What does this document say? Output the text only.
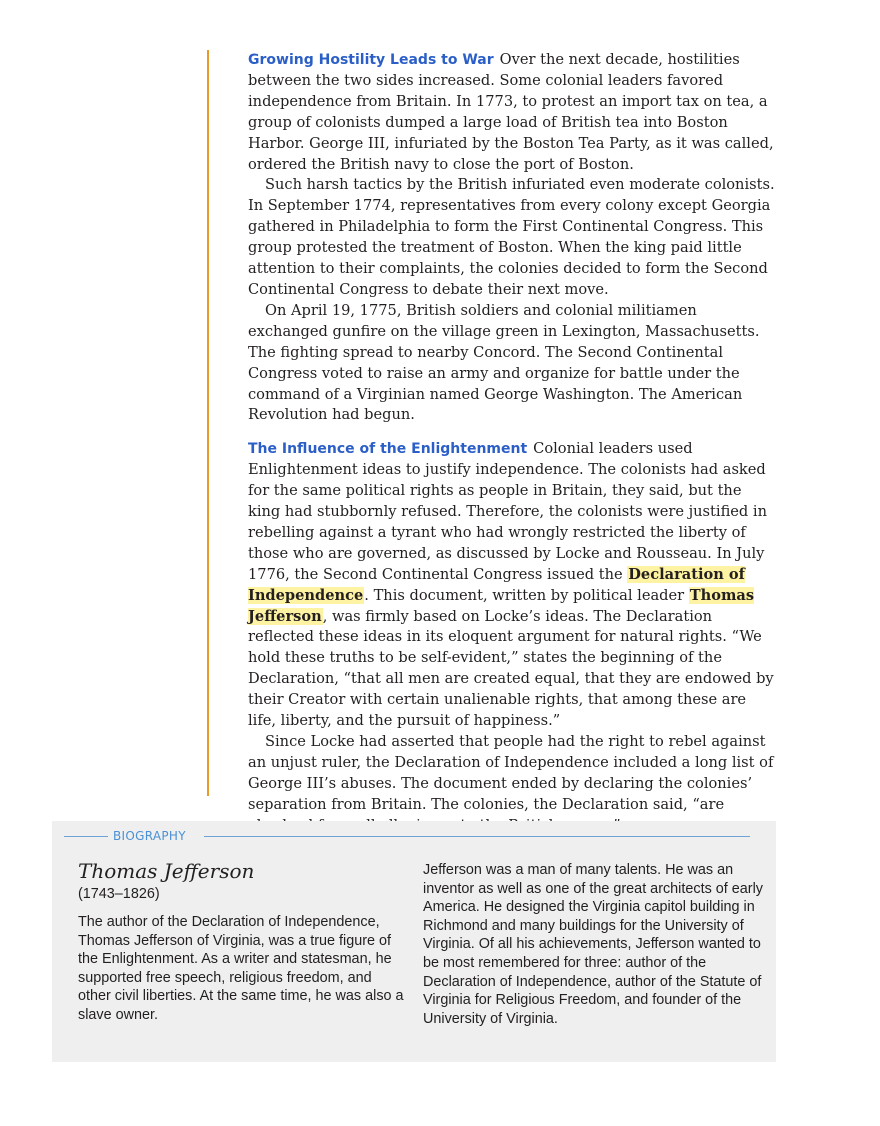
Growing Hostility Leads to War Over the next decade, hostilities between the two sides increased. Some colonial leaders favored independence from Britain. In 1773, to protest an import tax on tea, a group of colonists dumped a large load of British tea into Boston Harbor. George III, infuriated by the Boston Tea Party, as it was called, ordered the British navy to close the port of Boston.

Such harsh tactics by the British infuriated even moderate colonists. In September 1774, representatives from every colony except Georgia gathered in Philadelphia to form the First Continental Congress. This group protested the treatment of Boston. When the king paid little attention to their complaints, the colonies decided to form the Second Continental Congress to debate their next move.

On April 19, 1775, British soldiers and colonial militiamen exchanged gunfire on the village green in Lexington, Massachusetts. The fighting spread to nearby Concord. The Second Continental Congress voted to raise an army and organize for battle under the command of a Virginian named George Washington. The American Revolution had begun.

The Influence of the Enlightenment Colonial leaders used Enlightenment ideas to justify independence. The colonists had asked for the same political rights as people in Britain, they said, but the king had stubbornly refused. Therefore, the colonists were justified in rebelling against a tyrant who had wrongly restricted the liberty of those who are governed, as discussed by Locke and Rousseau. In July 1776, the Second Continental Congress issued the Declaration of Independence. This document, written by political leader Thomas Jefferson, was firmly based on Locke’s ideas. The Declaration reflected these ideas in its eloquent argument for natural rights. “We hold these truths to be self-evident,” states the beginning of the Declaration, “that all men are created equal, that they are endowed by their Creator with certain unalienable rights, that among these are life, liberty, and the pursuit of happiness.”

Since Locke had asserted that people had the right to rebel against an unjust ruler, the Declaration of Independence included a long list of George III’s abuses. The document ended by declaring the colonies’ separation from Britain. The colonies, the Declaration said, “are

BIOGRAPHY
Thomas Jefferson
(1743–1826)
The author of the Declaration of Independence, Thomas Jefferson of Virginia, was a true figure of the Enlightenment. As a writer and statesman, he supported free speech, religious freedom, and other civil liberties. At the same time, he was also a slave owner.
Jefferson was a man of many talents. He was an inventor as well as one of the great architects of early America. He designed the Virginia capitol building in Richmond and many buildings for the University of Virginia. Of all his achievements, Jefferson wanted to be most remembered for three: author of the Declaration of Independence, author of the Statute of Virginia for Religious Freedom, and founder of the University of Virginia.
